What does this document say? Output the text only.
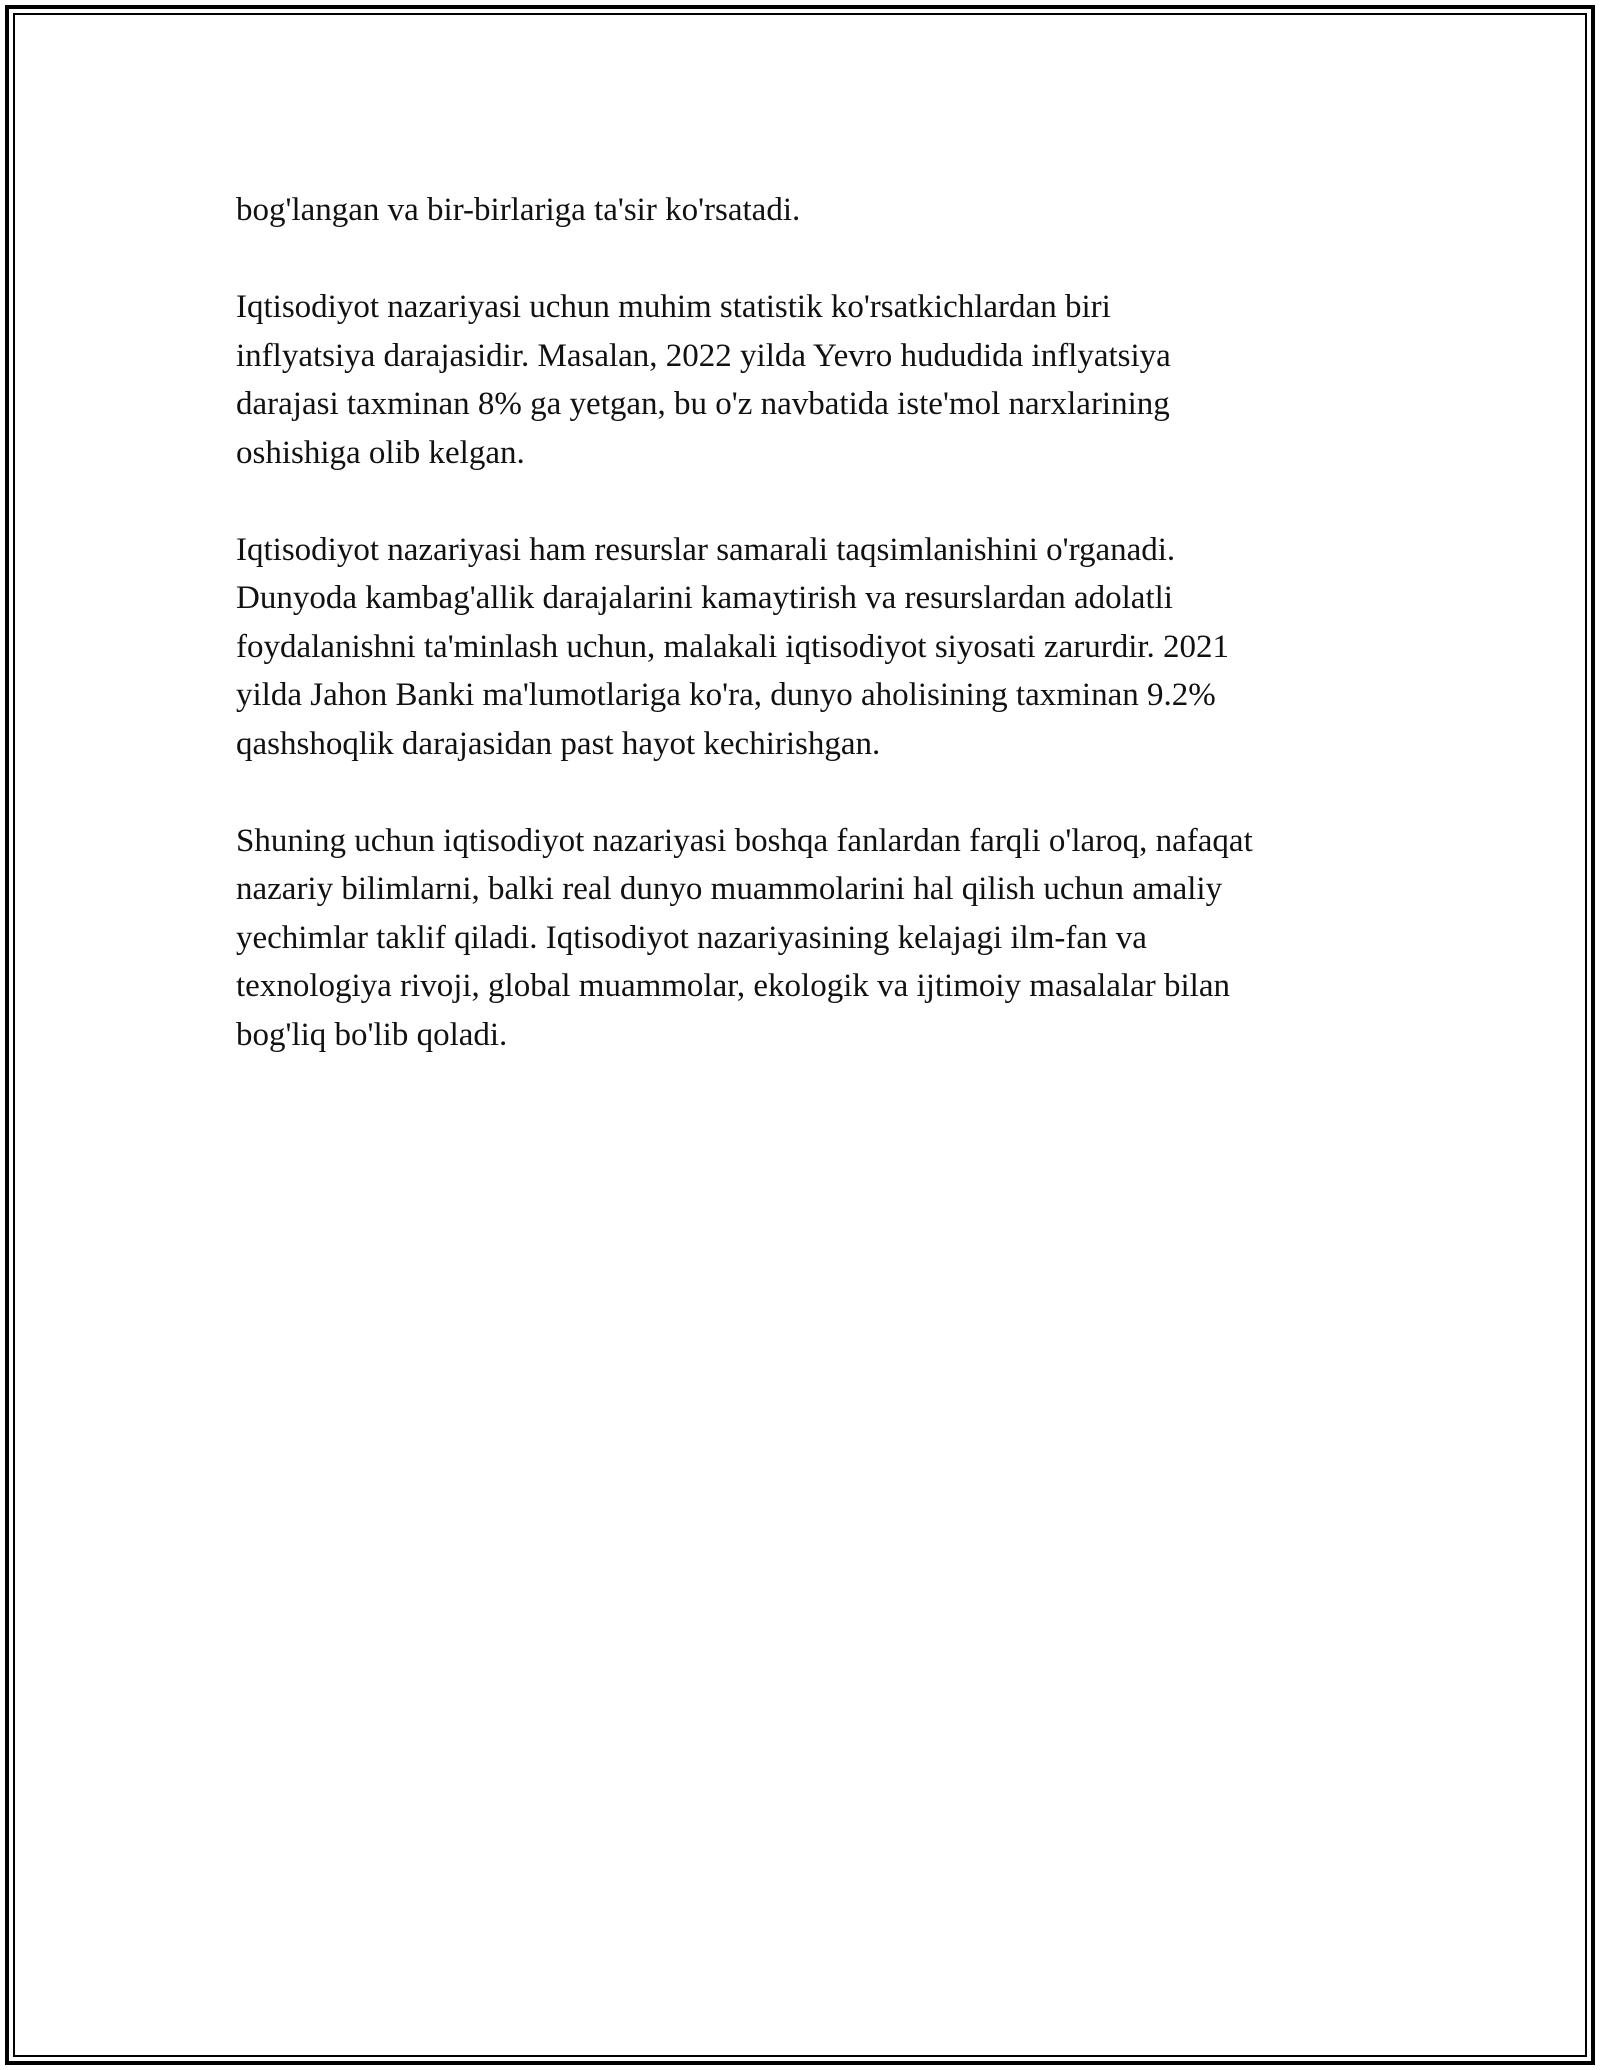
bog'langan va bir-birlariga ta'sir ko'rsatadi.

Iqtisodiyot nazariyasi uchun muhim statistik ko'rsatkichlardan biri
inflyatsiya darajasidir. Masalan, 2022 yilda Yevro hududida inflyatsiya
darajasi taxminan 8% ga yetgan, bu o'z navbatida iste'mol narxlarining
oshishiga olib kelgan.

Iqtisodiyot nazariyasi ham resurslar samarali taqsimlanishini o'rganadi.
Dunyoda kambag'allik darajalarini kamaytirish va resurslardan adolatli
foydalanishni ta'minlash uchun, malakali iqtisodiyot siyosati zarurdir. 2021
yilda Jahon Banki ma'lumotlariga ko'ra, dunyo aholisining taxminan 9.2%
qashshoqlik darajasidan past hayot kechirishgan.

Shuning uchun iqtisodiyot nazariyasi boshqa fanlardan farqli o'laroq, nafaqat
nazariy bilimlarni, balki real dunyo muammolarini hal qilish uchun amaliy
yechimlar taklif qiladi. Iqtisodiyot nazariyasining kelajagi ilm-fan va
texnologiya rivoji, global muammolar, ekologik va ijtimoiy masalalar bilan
bog'liq bo'lib qoladi.
